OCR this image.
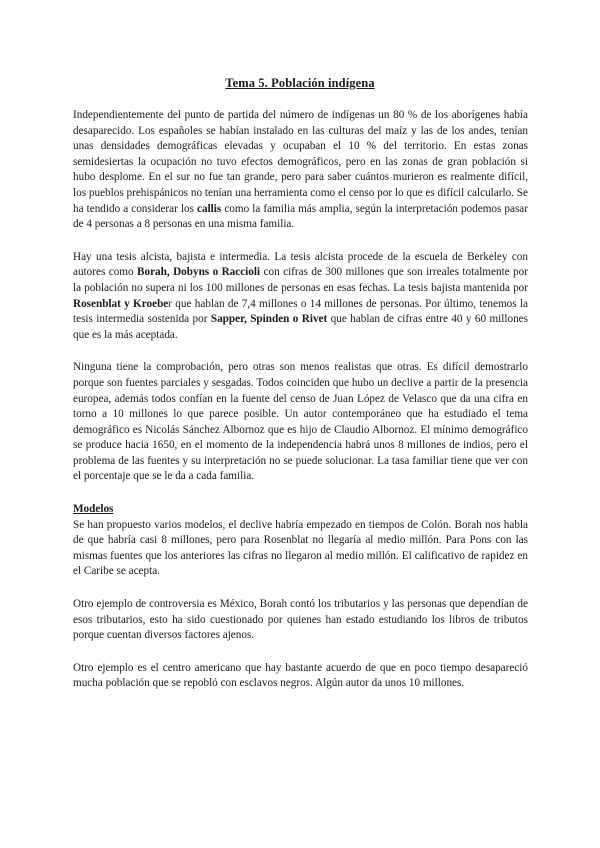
Tema 5. Población indígena

Independientemente del punto de partida del número de indígenas un 80 % de los aborígenes había desaparecido. Los españoles se habían instalado en las culturas del maíz y las de los andes, tenían unas densidades demográficas elevadas y ocupaban el 10 % del territorio. En estas zonas semidesiertas la ocupación no tuvo efectos demográficos, pero en las zonas de gran población si hubo desplome. En el sur no fue tan grande, pero para saber cuántos murieron es realmente difícil, los pueblos prehispánicos no tenían una herramienta como el censo por lo que es difícil calcularlo. Se ha tendido a considerar los callis como la familia más amplia, según la interpretación podemos pasar de 4 personas a 8 personas en una misma familia.

Hay una tesis alcista, bajista e intermedia. La tesis alcista procede de la escuela de Berkeley con autores como Borah, Dobyns o Raccioli con cifras de 300 millones que son irreales totalmente por la población no supera ni los 100 millones de personas en esas fechas. La tesis bajista mantenida por Rosenblat y Kroeber que hablan de 7,4 millones o 14 millones de personas. Por último, tenemos la tesis intermedia sostenida por Sapper, Spinden o Rivet que hablan de cifras entre 40 y 60 millones que es la más aceptada.

Ninguna tiene la comprobación, pero otras son menos realistas que otras. Es difícil demostrarlo porque son fuentes parciales y sesgadas. Todos coinciden que hubo un declive a partir de la presencia europea, además todos confían en la fuente del censo de Juan López de Velasco que da una cifra en torno a 10 millones lo que parece posible. Un autor contemporáneo que ha estudiado el tema demográfico es Nicolás Sánchez Albornoz que es hijo de Claudio Albornoz. El mínimo demográfico se produce hacia 1650, en el momento de la independencia habrá unos 8 millones de indios, pero el problema de las fuentes y su interpretación no se puede solucionar. La tasa familiar tiene que ver con el porcentaje que se le da a cada familia.

Modelos

Se han propuesto varios modelos, el declive habría empezado en tiempos de Colón. Borah nos habla de que habría casi 8 millones, pero para Rosenblat no llegaría al medio millón. Para Pons con las mismas fuentes que los anteriores las cifras no llegaron al medio millón. El calificativo de rapidez en el Caribe se acepta.

Otro ejemplo de controversia es México, Borah contó los tributarios y las personas que dependían de esos tributarios, esto ha sido cuestionado por quienes han estado estudiando los libros de tributos porque cuentan diversos factores ajenos.

Otro ejemplo es el centro americano que hay bastante acuerdo de que en poco tiempo desapareció mucha población que se repobló con esclavos negros. Algún autor da unos 10 millones.
